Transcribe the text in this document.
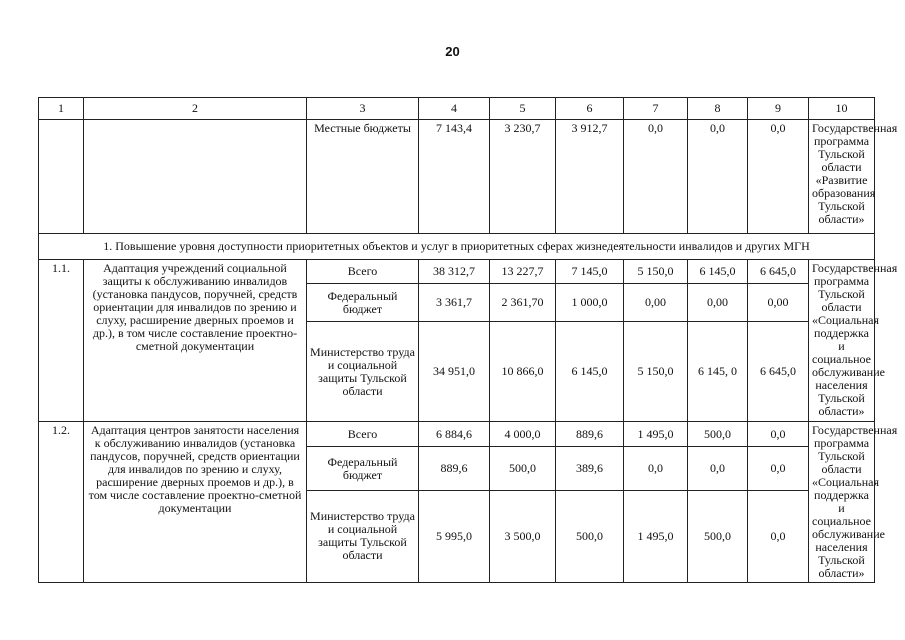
20
1	2	3	4	5	6	7	8	9	10
		Местные бюджеты	7 143,4	3 230,7	3 912,7	0,0	0,0	0,0	Государственная программа Тульской области «Развитие образования Тульской области»
1. Повышение уровня доступности приоритетных объектов и услуг в приоритетных сферах жизнедеятельности инвалидов и других МГН									
1.1.	Адаптация учреждений социальной защиты к обслуживанию инвалидов (установка пандусов, поручней, средств ориентации для инвалидов по зрению и слуху, расширение дверных проемов и др.), в том числе составление проектно-сметной документации	Всего	38 312,7	13 227,7	7 145,0	5 150,0	6 145,0	6 645,0	Государственная программа Тульской области «Социальная поддержка и социальное обслуживание населения Тульской области»
		Федеральный бюджет	3 361,7	2 361,70	1 000,0	0,00	0,00	0,00	
		Министерство труда и социальной защиты Тульской области	34 951,0	10 866,0	6 145,0	5 150,0	6 145, 0	6 645,0	
1.2.	Адаптация центров занятости населения к обслуживанию инвалидов (установка пандусов, поручней, средств ориентации для инвалидов по зрению и слуху, расширение дверных проемов и др.), в том числе составление проектно-сметной документации	Всего	6 884,6	4 000,0	889,6	1 495,0	500,0	0,0	Государственная программа Тульской области «Социальная поддержка и социальное обслуживание населения Тульской области»
		Федеральный бюджет	889,6	500,0	389,6	0,0	0,0	0,0	
		Министерство труда и социальной защиты Тульской области	5 995,0	3 500,0	500,0	1 495,0	500,0	0,0	
